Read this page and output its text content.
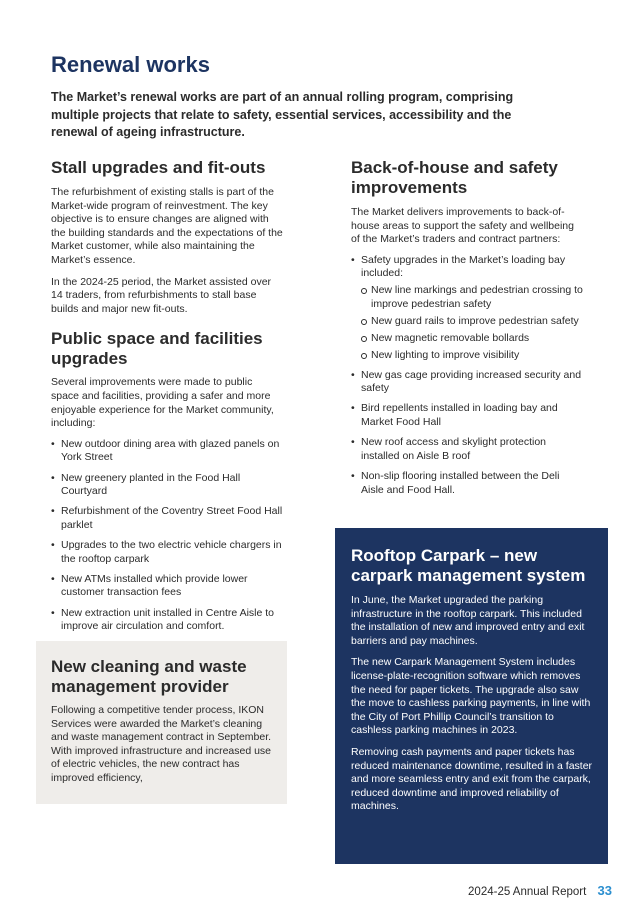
Renewal works

The Market’s renewal works are part of an annual rolling program, comprising multiple projects that relate to safety, essential services, accessibility and the renewal of ageing infrastructure.

Stall upgrades and fit-outs

The refurbishment of existing stalls is part of the Market-wide program of reinvestment. The key objective is to ensure changes are aligned with the building standards and the expectations of the Market customer, while also maintaining the Market’s essence.

In the 2024-25 period, the Market assisted over 14 traders, from refurbishments to stall base builds and major new fit-outs.

Public space and facilities upgrades

Several improvements were made to public space and facilities, providing a safer and more enjoyable experience for the Market community, including:

• New outdoor dining area with glazed panels on York Street
• New greenery planted in the Food Hall Courtyard
• Refurbishment of the Coventry Street Food Hall parklet
• Upgrades to the two electric vehicle chargers in the rooftop carpark
• New ATMs installed which provide lower customer transaction fees
• New extraction unit installed in Centre Aisle to improve air circulation and comfort.
New cleaning and waste management provider

Following a competitive tender process, IKON Services were awarded the Market’s cleaning and waste management contract in September. With improved infrastructure and increased use of electric vehicles, the new contract has improved efficiency,

Back-of-house and safety improvements

The Market delivers improvements to back-of-house areas to support the safety and wellbeing of the Market’s traders and contract partners:

• Safety upgrades in the Market’s loading bay included:
New line markings and pedestrian crossing to improve pedestrian safety
New guard rails to improve pedestrian safety
New magnetic removable bollards
New lighting to improve visibility
• New gas cage providing increased security and safety
• Bird repellents installed in loading bay and Market Food Hall
• New roof access and skylight protection installed on Aisle B roof
• Non-slip flooring installed between the Deli Aisle and Food Hall.
Rooftop Carpark – new carpark management system

In June, the Market upgraded the parking infrastructure in the rooftop carpark. This included the installation of new and improved entry and exit barriers and pay machines.

The new Carpark Management System includes license-plate-recognition software which removes the need for paper tickets. The upgrade also saw the move to cashless parking payments, in line with the City of Port Phillip Council’s transition to cashless parking machines in 2023.

Removing cash payments and paper tickets has reduced maintenance downtime, resulted in a faster and more seamless entry and exit from the carpark, reduced downtime and improved reliability of machines.

2024-25 Annual Report 33
